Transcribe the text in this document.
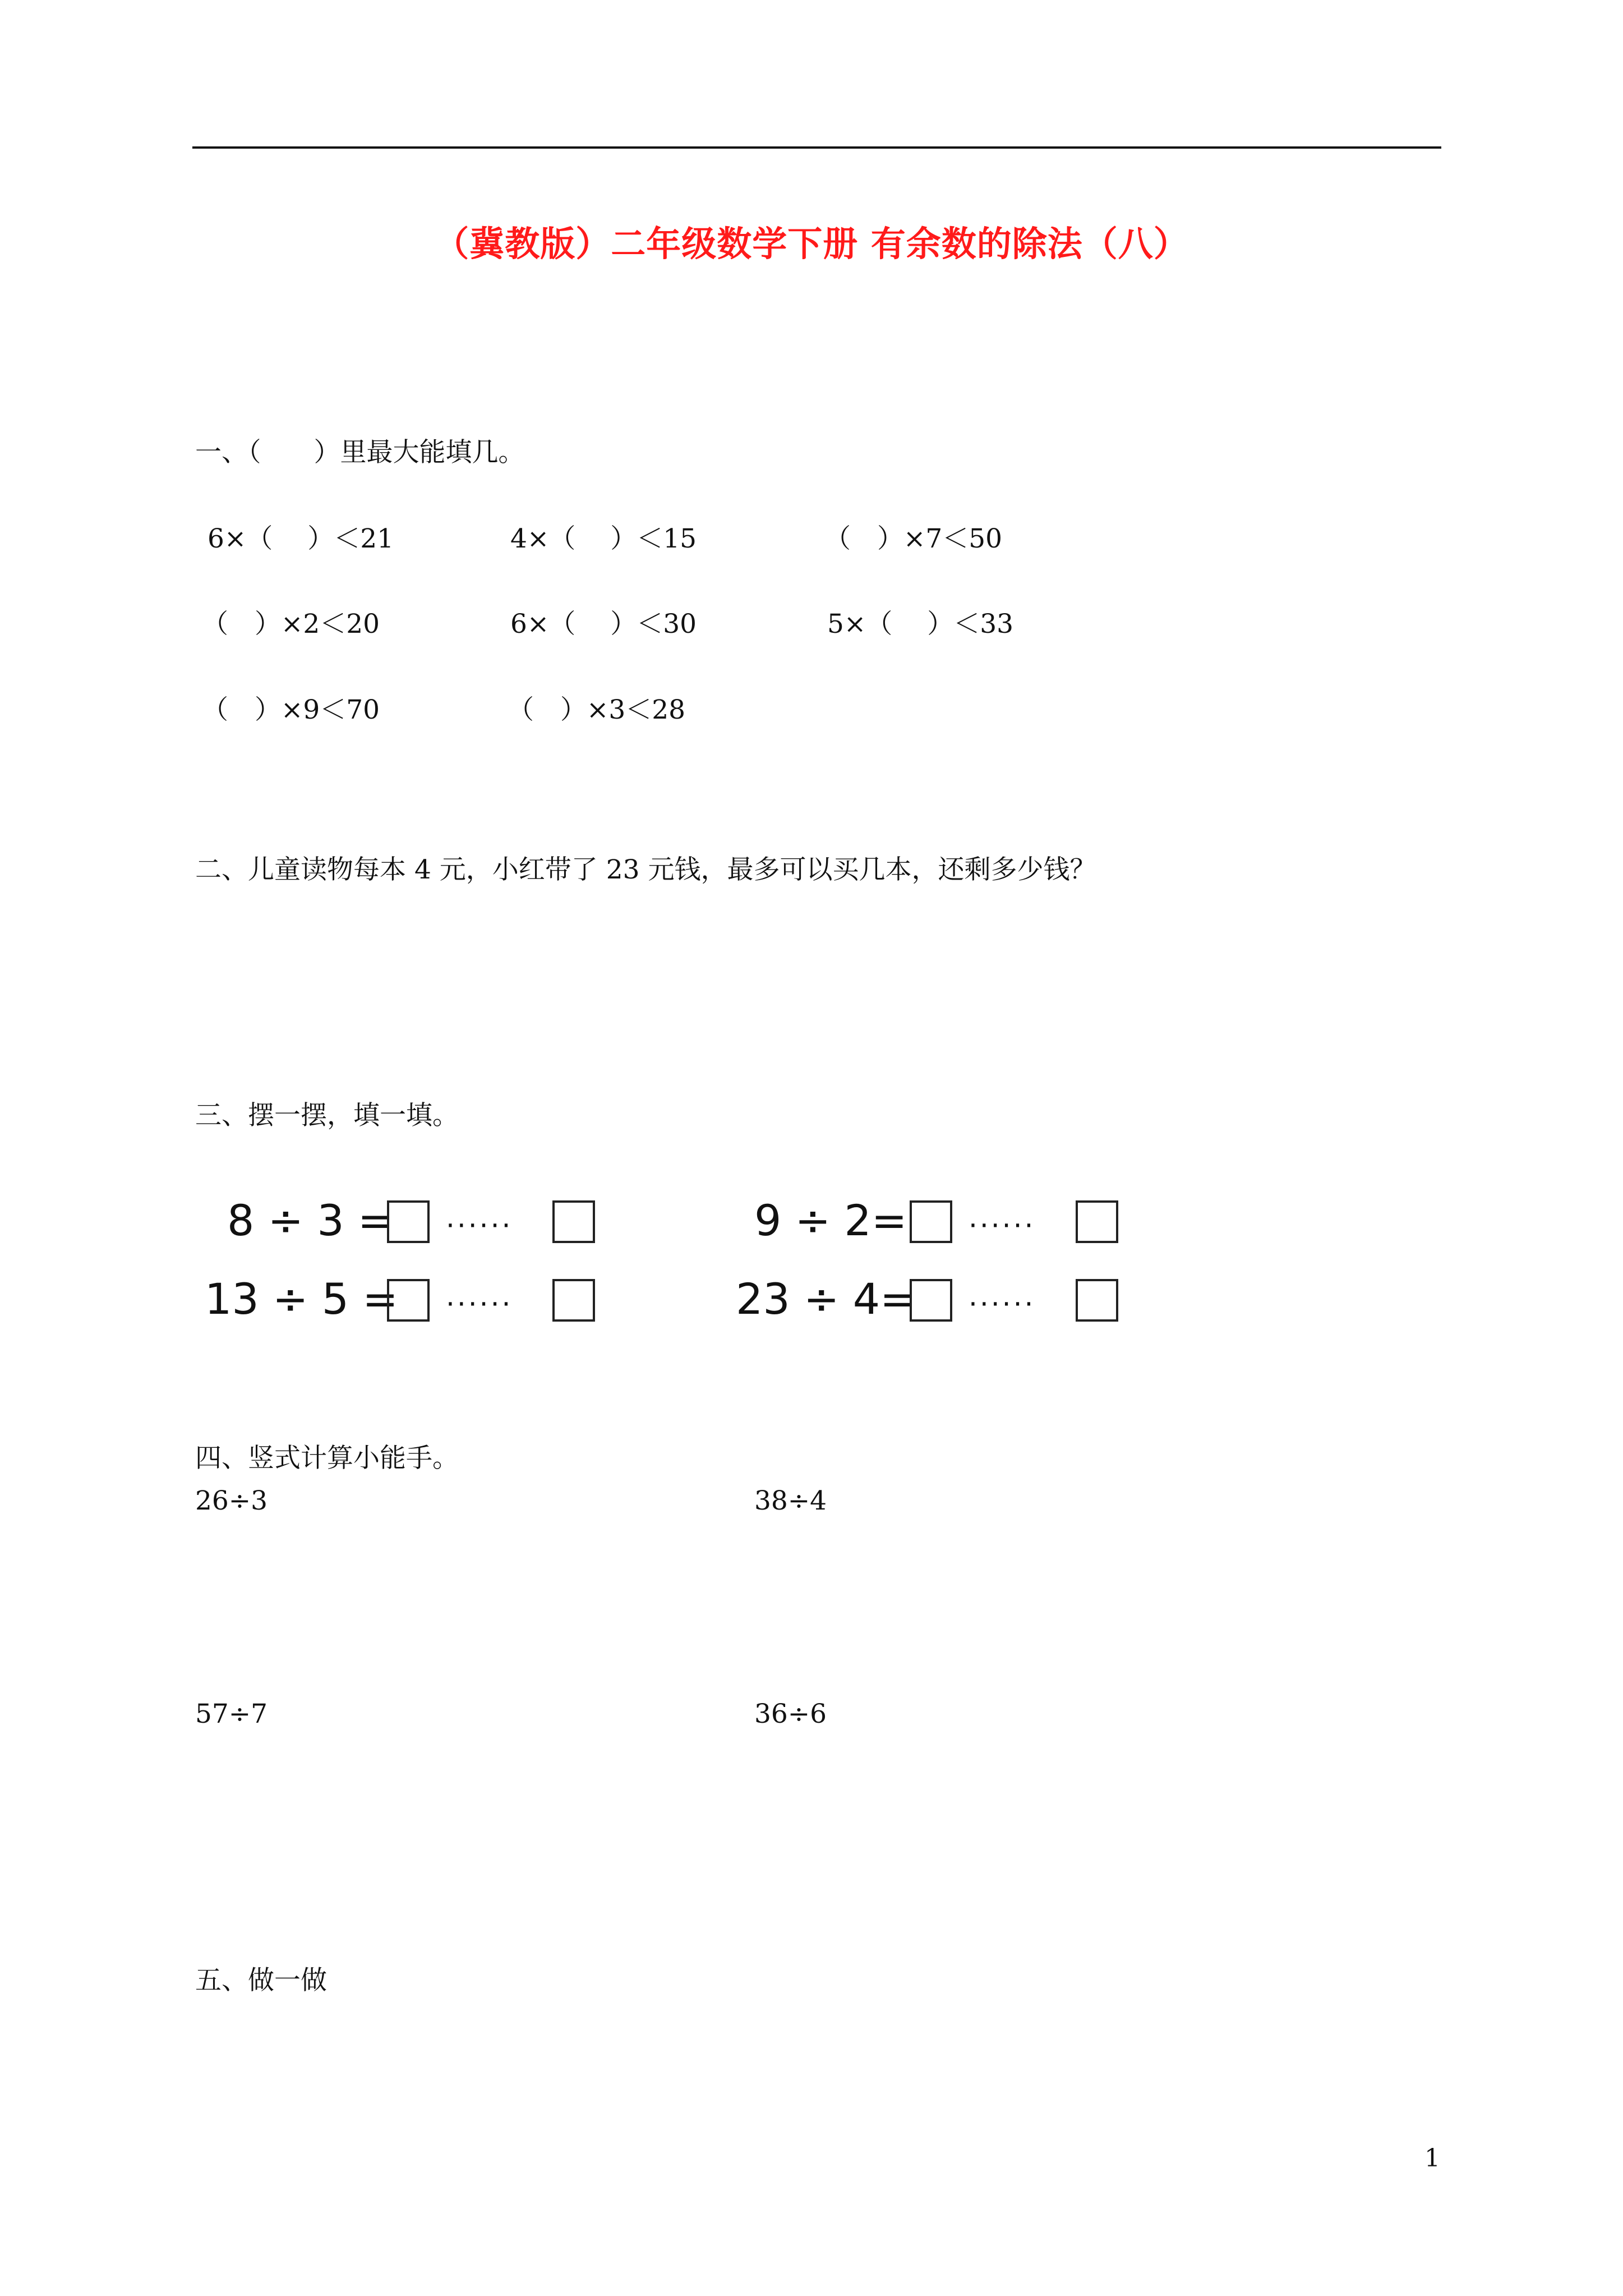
（冀教版）二年级数学下册 有余数的除法（八）
一、（　　）里最大能填几。
6×（　 ）＜21	4×（　 ）＜15	（　）×7＜50
（　）×2＜20	6×（　 ）＜30	5×（　 ）＜33
（　）×9＜70	（　）×3＜28
二、儿童读物每本 4 元，小红带了 23 元钱，最多可以买几本，还剩多少钱？
三、摆一摆，填一填。
8 ÷ 3 = ······	9 ÷ 2= ······
13 ÷ 5 = ······	23 ÷ 4= ······
四、竖式计算小能手。
26÷3	38÷4
57÷7	36÷6
五、做一做
1
